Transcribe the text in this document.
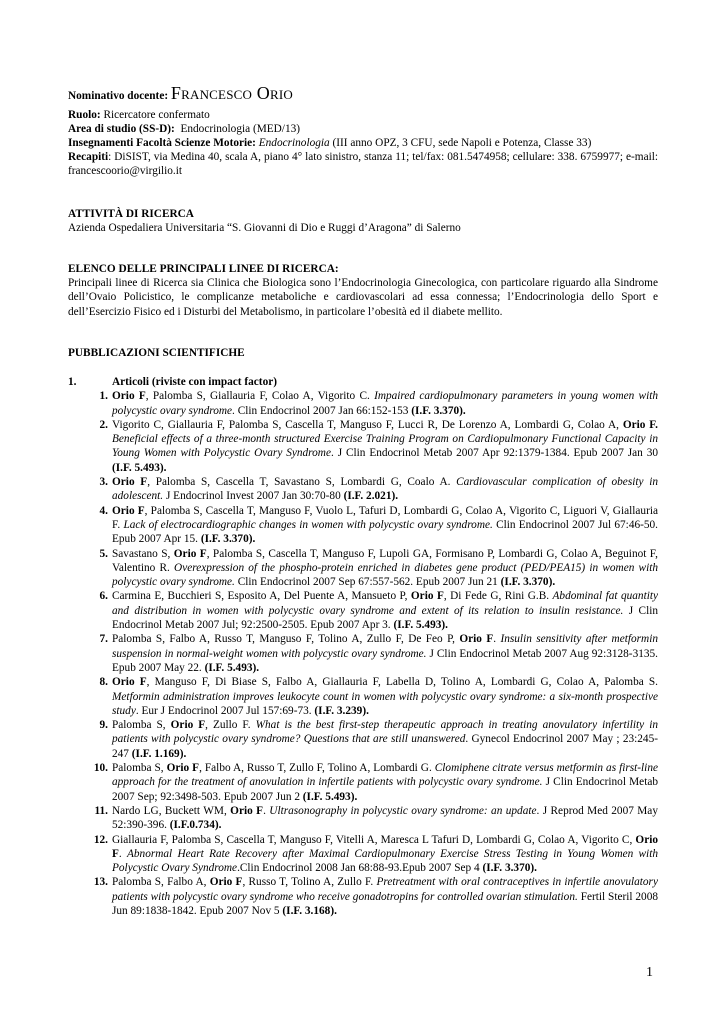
Nominativo docente: Francesco Orio
Ruolo: Ricercatore confermato
Area di studio (SS-D): Endocrinologia (MED/13)
Insegnamenti Facoltà Scienze Motorie: Endocrinologia (III anno OPZ, 3 CFU, sede Napoli e Potenza, Classe 33)
Recapiti: DiSIST, via Medina 40, scala A, piano 4° lato sinistro, stanza 11; tel/fax: 081.5474958; cellulare: 338. 6759977; e-mail: francescoorio@virgilio.it
ATTIVITÀ DI RICERCA
Azienda Ospedaliera Universitaria “S. Giovanni di Dio e Ruggi d’Aragona” di Salerno
ELENCO DELLE PRINCIPALI LINEE DI RICERCA:
Principali linee di Ricerca sia Clinica che Biologica sono l’Endocrinologia Ginecologica, con particolare riguardo alla Sindrome dell’Ovaio Policistico, le complicanze metaboliche e cardiovascolari ad essa connessa; l’Endocrinologia dello Sport e dell’Esercizio Fisico ed i Disturbi del Metabolismo, in particolare l’obesità ed il diabete mellito.
PUBBLICAZIONI SCIENTIFICHE
1.	Articoli (riviste con impact factor)
1. Orio F, Palomba S, Giallauria F, Colao A, Vigorito C. Impaired cardiopulmonary parameters in young women with polycystic ovary syndrome. Clin Endocrinol 2007 Jan 66:152-153 (I.F. 3.370).
2. Vigorito C, Giallauria F, Palomba S, Cascella T, Manguso F, Lucci R, De Lorenzo A, Lombardi G, Colao A, Orio F. Beneficial effects of a three-month structured Exercise Training Program on Cardiopulmonary Functional Capacity in Young Women with Polycystic Ovary Syndrome. J Clin Endocrinol Metab 2007 Apr 92:1379-1384. Epub 2007 Jan 30 (I.F. 5.493).
3. Orio F, Palomba S, Cascella T, Savastano S, Lombardi G, Coalo A. Cardiovascular complication of obesity in adolescent. J Endocrinol Invest 2007 Jan 30:70-80 (I.F. 2.021).
4. Orio F, Palomba S, Cascella T, Manguso F, Vuolo L, Tafuri D, Lombardi G, Colao A, Vigorito C, Liguori V, Giallauria F. Lack of electrocardiographic changes in women with polycystic ovary syndrome. Clin Endocrinol 2007 Jul 67:46-50. Epub 2007 Apr 15. (I.F. 3.370).
5. Savastano S, Orio F, Palomba S, Cascella T, Manguso F, Lupoli GA, Formisano P, Lombardi G, Colao A, Beguinot F, Valentino R. Overexpression of the phospho-protein enriched in diabetes gene product (PED/PEA15) in women with polycystic ovary syndrome. Clin Endocrinol 2007 Sep 67:557-562. Epub 2007 Jun 21 (I.F. 3.370).
6. Carmina E, Bucchieri S, Esposito A, Del Puente A, Mansueto P, Orio F, Di Fede G, Rini G.B. Abdominal fat quantity and distribution in women with polycystic ovary syndrome and extent of its relation to insulin resistance. J Clin Endocrinol Metab 2007 Jul; 92:2500-2505. Epub 2007 Apr 3. (I.F. 5.493).
7. Palomba S, Falbo A, Russo T, Manguso F, Tolino A, Zullo F, De Feo P, Orio F. Insulin sensitivity after metformin suspension in normal-weight women with polycystic ovary syndrome. J Clin Endocrinol Metab 2007 Aug 92:3128-3135. Epub 2007 May 22. (I.F. 5.493).
8. Orio F, Manguso F, Di Biase S, Falbo A, Giallauria F, Labella D, Tolino A, Lombardi G, Colao A, Palomba S. Metformin administration improves leukocyte count in women with polycystic ovary syndrome: a six-month prospective study. Eur J Endocrinol 2007 Jul 157:69-73. (I.F. 3.239).
9. Palomba S, Orio F, Zullo F. What is the best first-step therapeutic approach in treating anovulatory infertility in patients with polycystic ovary syndrome? Questions that are still unanswered. Gynecol Endocrinol 2007 May ; 23:245-247 (I.F. 1.169).
10. Palomba S, Orio F, Falbo A, Russo T, Zullo F, Tolino A, Lombardi G. Clomiphene citrate versus metformin as first-line approach for the treatment of anovulation in infertile patients with polycystic ovary syndrome. J Clin Endocrinol Metab 2007 Sep; 92:3498-503. Epub 2007 Jun 2 (I.F. 5.493).
11. Nardo LG, Buckett WM, Orio F. Ultrasonography in polycystic ovary syndrome: an update. J Reprod Med 2007 May 52:390-396. (I.F.0.734).
12. Giallauria F, Palomba S, Cascella T, Manguso F, Vitelli A, Maresca L Tafuri D, Lombardi G, Colao A, Vigorito C, Orio F. Abnormal Heart Rate Recovery after Maximal Cardiopulmonary Exercise Stress Testing in Young Women with Polycystic Ovary Syndrome.Clin Endocrinol 2008 Jan 68:88-93.Epub 2007 Sep 4 (I.F. 3.370).
13. Palomba S, Falbo A, Orio F, Russo T, Tolino A, Zullo F. Pretreatment with oral contraceptives in infertile anovulatory patients with polycystic ovary syndrome who receive gonadotropins for controlled ovarian stimulation. Fertil Steril 2008 Jun 89:1838-1842. Epub 2007 Nov 5 (I.F. 3.168).
1
